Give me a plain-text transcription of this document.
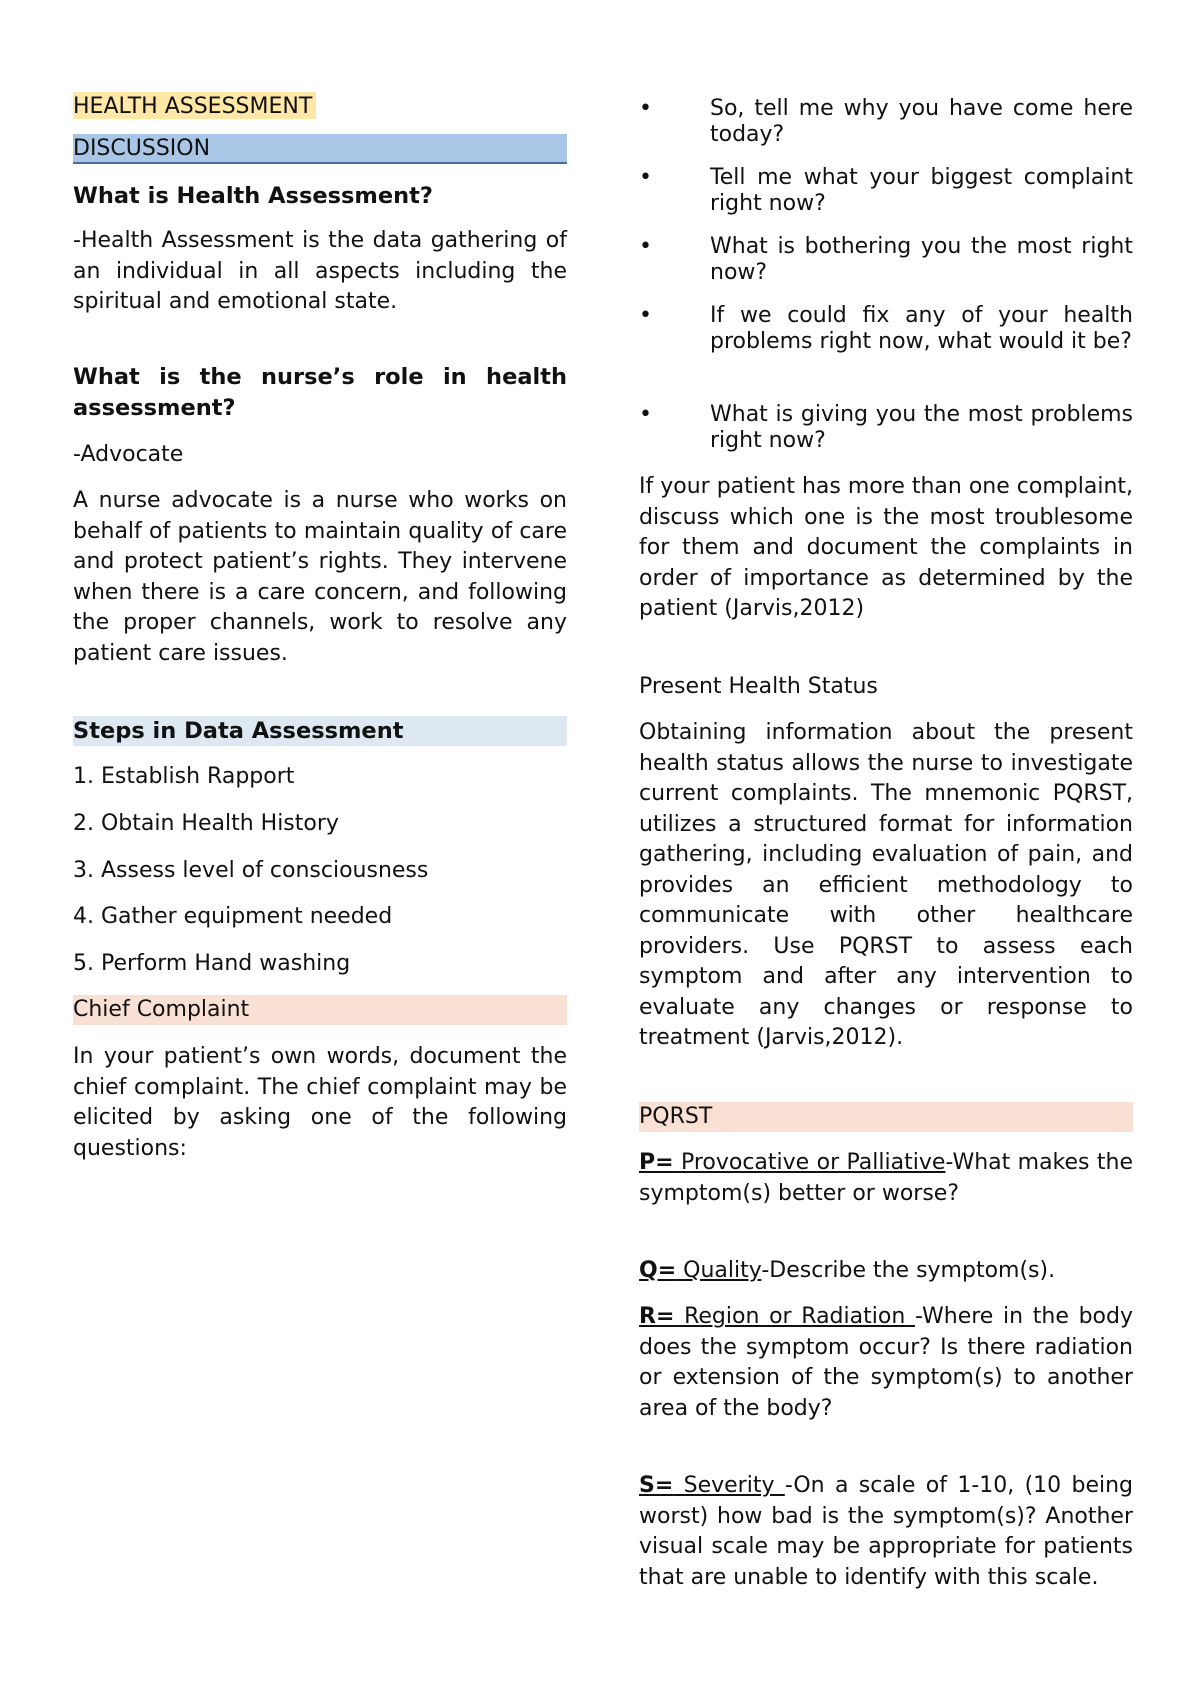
HEALTH ASSESSMENT
DISCUSSION
What is Health Assessment?

-Health Assessment is the data gathering of an individual in all aspects including the spiritual and emotional state.

What is the nurse’s role in health assessment?

-Advocate

A nurse advocate is a nurse who works on behalf of patients to maintain quality of care and protect patient’s rights. They intervene when there is a care concern, and following the proper channels, work to resolve any patient care issues.

Steps in Data Assessment
1. Establish Rapport
2. Obtain Health History
3. Assess level of consciousness
4. Gather equipment needed
5. Perform Hand washing
Chief Complaint

In your patient’s own words, document the chief complaint. The chief complaint may be elicited by asking one of the following questions:

•	So, tell me why you have come here today?
•	Tell me what your biggest complaint right now?
•	What is bothering you the most right now?
•	If we could fix any of your health problems right now, what would it be?
•	What is giving you the most problems right now?

If your patient has more than one complaint, discuss which one is the most troublesome for them and document the complaints in order of importance as determined by the patient (Jarvis,2012)

Present Health Status

Obtaining information about the present health status allows the nurse to investigate current complaints. The mnemonic PQRST, utilizes a structured format for information gathering, including evaluation of pain, and provides an efficient methodology to communicate with other healthcare providers. Use PQRST to assess each symptom and after any intervention to evaluate any changes or response to treatment (Jarvis,2012).

PQRST

P= Provocative or Palliative-What makes the symptom(s) better or worse?

Q= Quality-Describe the symptom(s).

R= Region or Radiation -Where in the body does the symptom occur? Is there radiation or extension of the symptom(s) to another area of the body?

S= Severity -On a scale of 1-10, (10 being worst) how bad is the symptom(s)? Another visual scale may be appropriate for patients that are unable to identify with this scale.
